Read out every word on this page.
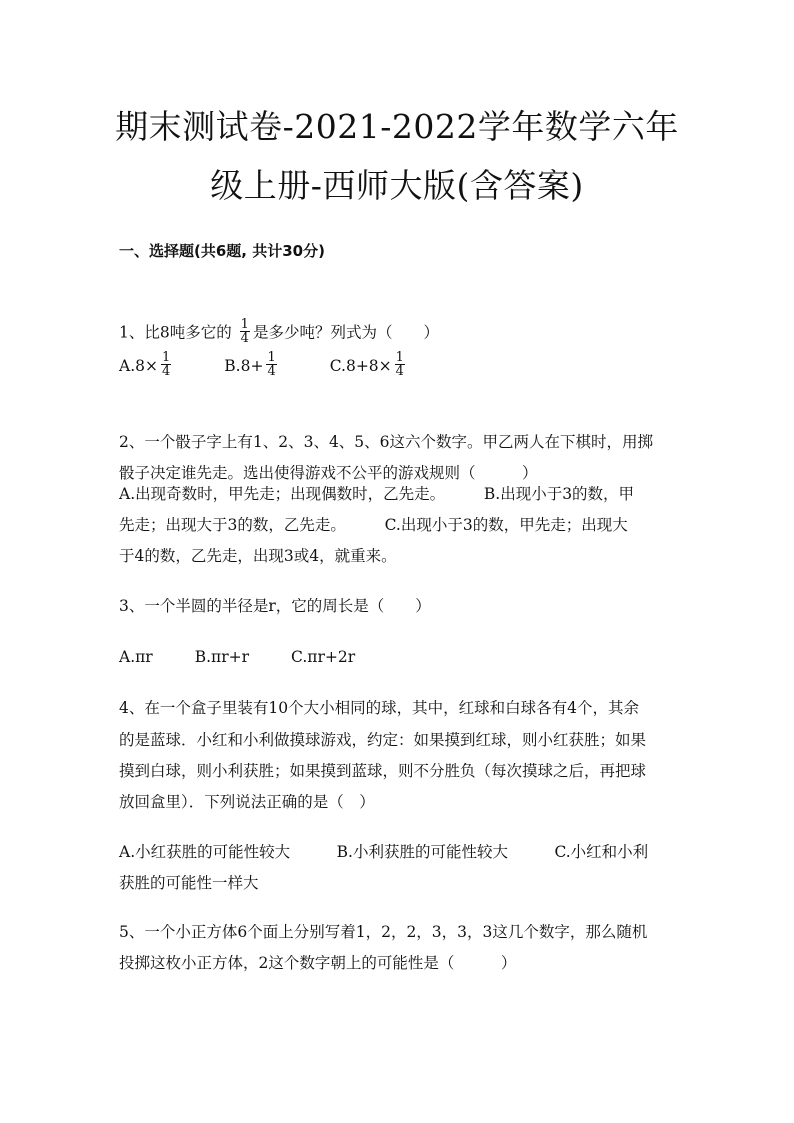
期末测试卷-2021-2022学年数学六年
级上册-西师大版(含答案)
一、选择题(共6题, 共计30分)
1、比8吨多它的 $\frac{1}{4}$ 是多少吨？列式为（　　）
$A.8\times \frac{1}{4}$	$B.8+ \frac{1}{4}$	$C.8+8\times \frac{1}{4}$
2、一个骰子字上有1、2、3、4、5、6这六个数字。甲乙两人在下棋时，用掷
骰子决定谁先走。选出使得游戏不公平的游戏规则（　　　）
A.出现奇数时，甲先走；出现偶数时，乙先走。　　　B.出现小于3的数，甲
先走；出现大于3的数，乙先走。　　　C.出现小于3的数，甲先走；出现大
于4的数，乙先走，出现3或4，就重来。
3、一个半圆的半径是r，它的周长是（　　）
A.πr	B.πr+r	C.πr+2r
4、在一个盒子里装有10个大小相同的球，其中，红球和白球各有4个，其余
的是蓝球．小红和小利做摸球游戏，约定：如果摸到红球，则小红获胜；如果
摸到白球，则小利获胜；如果摸到蓝球，则不分胜负（每次摸球之后，再把球
放回盒里）．下列说法正确的是（　）
A.小红获胜的可能性较大　　　B.小利获胜的可能性较大　　　C.小红和小利
获胜的可能性一样大
5、一个小正方体6个面上分别写着1，2，2，3，3，3这几个数字，那么随机
投掷这枚小正方体，2这个数字朝上的可能性是（　　　）
